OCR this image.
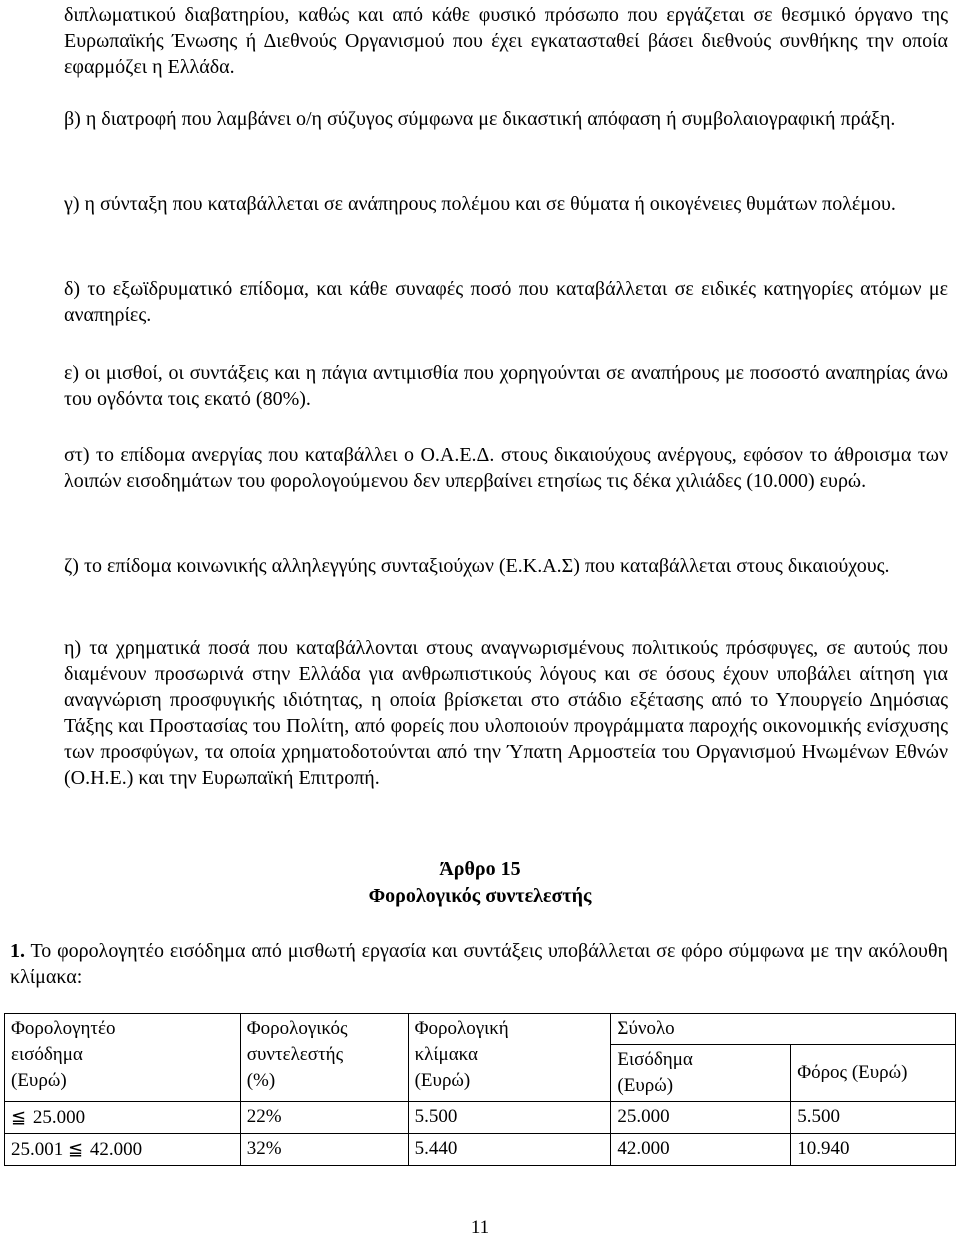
διπλωματικού διαβατηρίου, καθώς και από κάθε φυσικό πρόσωπο που εργάζεται σε θεσμικό όργανο της Ευρωπαϊκής Ένωσης ή Διεθνούς Οργανισμού που έχει εγκατασταθεί βάσει διεθνούς συνθήκης την οποία εφαρμόζει η Ελλάδα.

β) η διατροφή που λαμβάνει ο/η σύζυγος σύμφωνα με δικαστική απόφαση ή συμβολαιογραφική πράξη.

γ) η σύνταξη που καταβάλλεται σε ανάπηρους πολέμου και σε θύματα ή οικογένειες θυμάτων πολέμου.

δ) το εξωϊδρυματικό επίδομα, και κάθε συναφές ποσό που καταβάλλεται σε ειδικές κατηγορίες ατόμων με αναπηρίες.

ε) οι μισθοί, οι συντάξεις και η πάγια αντιμισθία που χορηγούνται σε αναπήρους με ποσοστό αναπηρίας άνω του ογδόντα τοις εκατό (80%).

στ) το επίδομα ανεργίας που καταβάλλει ο Ο.Α.Ε.Δ. στους δικαιούχους ανέργους, εφόσον το άθροισμα των λοιπών εισοδημάτων του φορολογούμενου δεν υπερβαίνει ετησίως τις δέκα χιλιάδες (10.000) ευρώ.

ζ) το επίδομα κοινωνικής αλληλεγγύης συνταξιούχων (Ε.Κ.Α.Σ) που καταβάλλεται στους δικαιούχους.

η) τα χρηματικά ποσά που καταβάλλονται στους αναγνωρισμένους πολιτικούς πρόσφυγες, σε αυτούς που διαμένουν προσωρινά στην Ελλάδα για ανθρωπιστικούς λόγους και σε όσους έχουν υποβάλει αίτηση για αναγνώριση προσφυγικής ιδιότητας, η οποία βρίσκεται στο στάδιο εξέτασης από το Υπουργείο Δημόσιας Τάξης και Προστασίας του Πολίτη, από φορείς που υλοποιούν προγράμματα παροχής οικονομικής ενίσχυσης των προσφύγων, τα οποία χρηματοδοτούνται από την Ύπατη Αρμοστεία του Οργανισμού Ηνωμένων Εθνών (Ο.Η.Ε.) και την Ευρωπαϊκή Επιτροπή.

Άρθρο 15

Φορολογικός συντελεστής

1. Το φορολογητέο εισόδημα από μισθωτή εργασία και συντάξεις υποβάλλεται σε φόρο σύμφωνα με την ακόλουθη κλίμακα:

Φορολογητέο
εισόδημα
(Ευρώ)	Φορολογικός
συντελεστής
(%)	Φορολογική
κλίμακα
(Ευρώ)	Σύνολο	

			Εισόδημα
(Ευρώ)	Φόρος (Ευρώ)
≦ 25.000	22%	5.500	25.000	5.500
25.001 ≦ 42.000	32%	5.440	42.000	10.940
11
